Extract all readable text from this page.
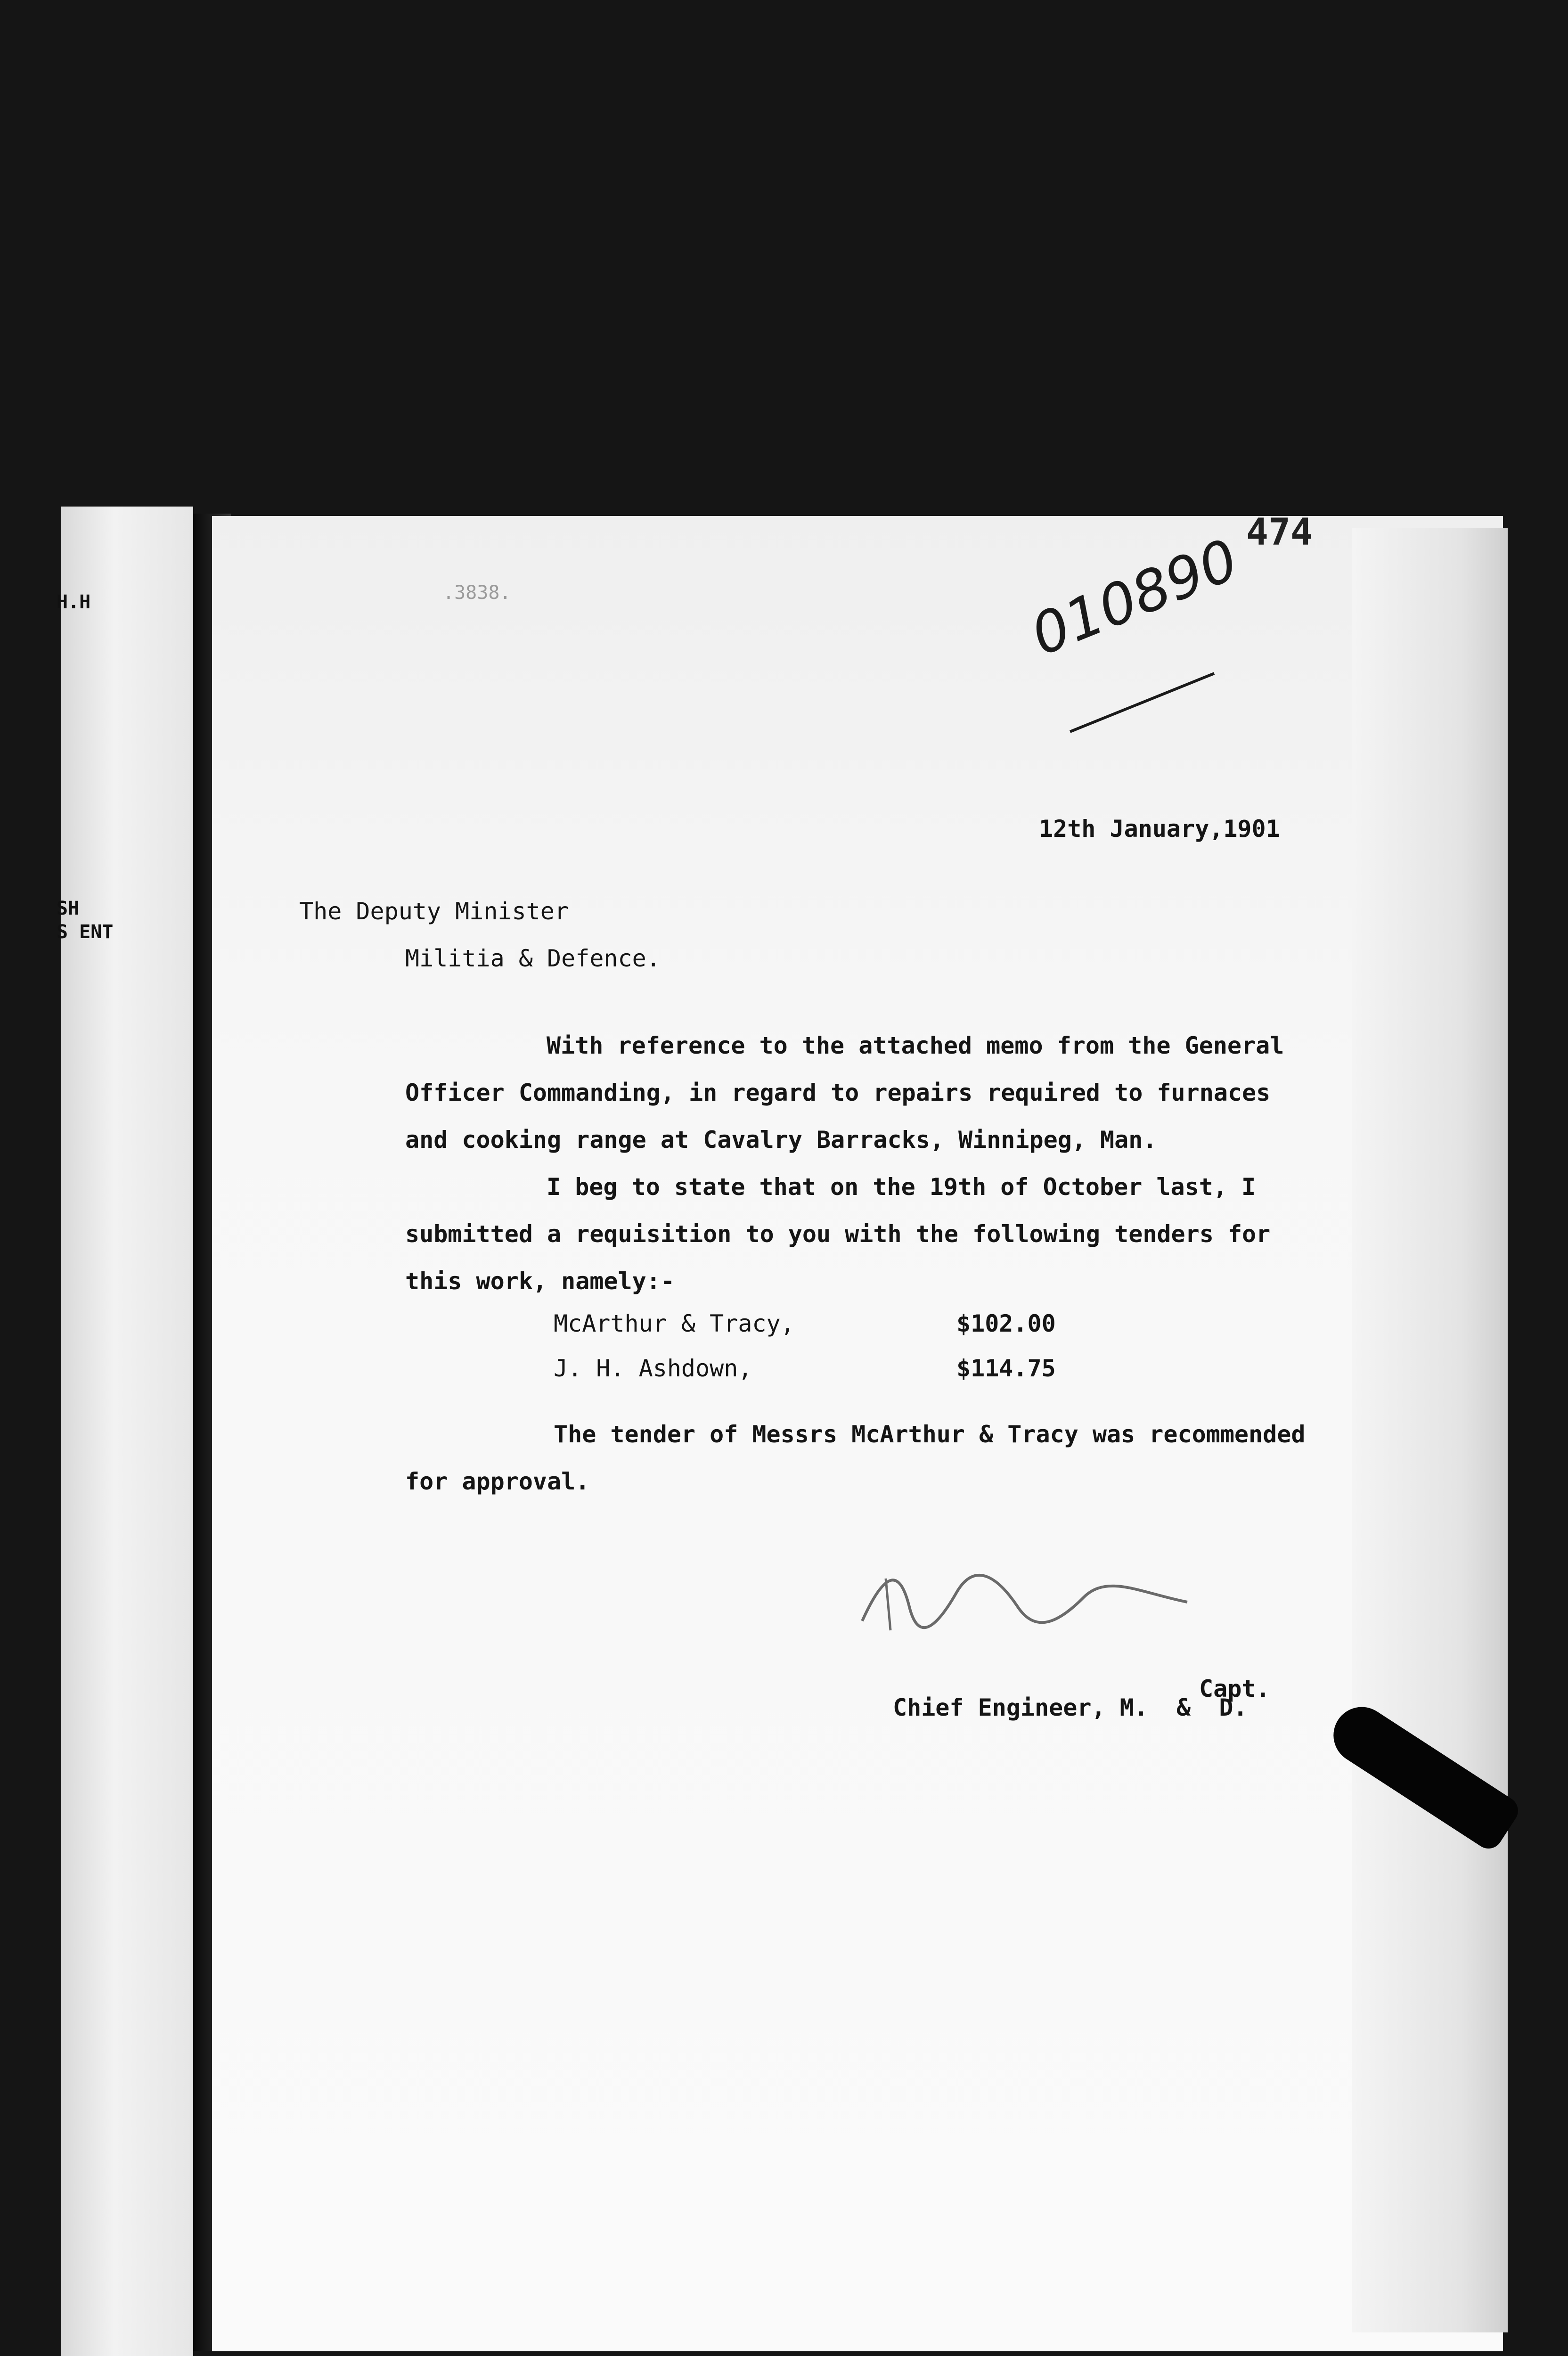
H.H
SH
S ENT
474
010890
.3838.
12th January,1901
The Deputy Minister
Militia & Defence.
With reference to the attached memo from the General
Officer Commanding, in regard to repairs required to furnaces
and cooking range at Cavalry Barracks, Winnipeg, Man.
I beg to state that on the 19th of October last, I
submitted a requisition to you with the following tenders for
this work, namely:-
McArthur & Tracy,	$102.00
J. H. Ashdown,	$114.75
The tender of Messrs McArthur & Tracy was recommended
for approval.
Capt.
Chief Engineer, M.  &  D.
